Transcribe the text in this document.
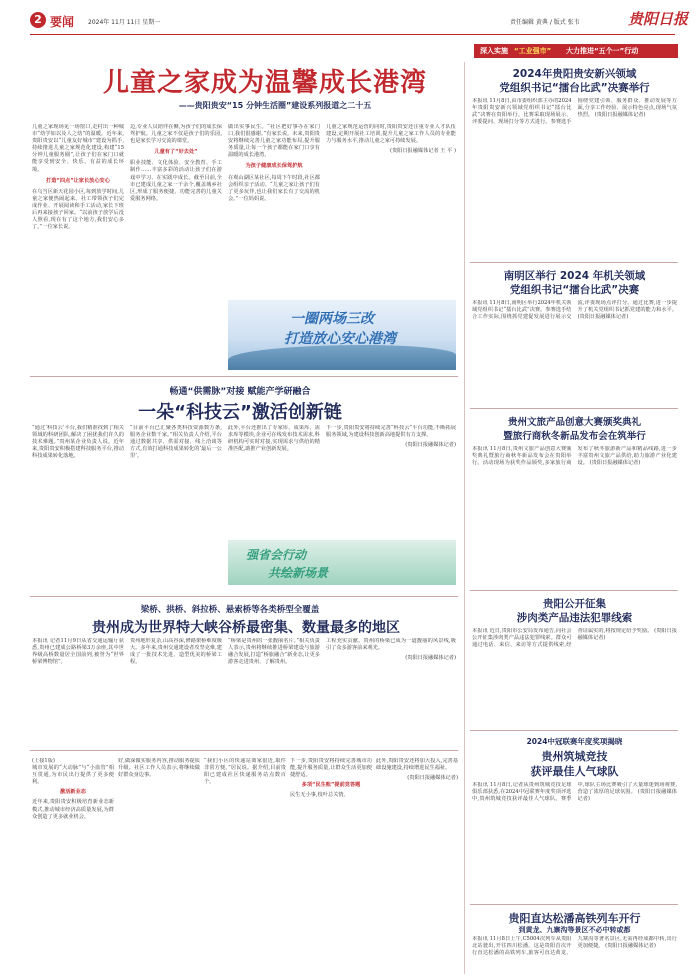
2 要闻 2024年 11月 11日 星期一	责任编辑 黄典 / 版式 张韦	贵阳日报
深入实施 “工业强市” 大力推进“五个一”行动
儿童之家成为温馨成长港湾
——贵阳贵安“15 分钟生活圈”建设系列报道之二十五
儿童之家现场见一场窗口,走村出一种城市“幼学如以及人之幼”的温暖。近年来,贵阳贵安以“儿童友好城市”建设为抓手,持续推进儿童之家规范化建设,构建“15分钟儿童服务圈”,让孩子们在家门口就能享受到安全、快乐、有益的成长环境。
打造“四点”让家长放心安心
在乌当区新天花园小区,每到放学时间,儿童之家便热闹起来。社工带领孩子们完成作业、开展阅读和手工活动,家长下班后再来接孩子回家。“以前孩子放学后没人照看,现在有了这个地方,我们安心多了。”一位家长说。
边,专业人员陪伴在侧,为孩子们的成长保驾护航。儿童之家不仅是孩子们的乐园,也是家长学习交流的课堂。
儿童有了“好去处”
职业技能、文化体验、安全教育、手工制作……丰富多彩的活动让孩子们在游戏中学习、在实践中成长。截至目前,全市已建成儿童之家一千余个,覆盖城乡社区,形成了服务便捷、功能完善的儿童关爱服务网络。
做出实事民生。“社区把好事办在家门口,我们很感谢。”有家长说。未来,贵阳贵安将继续完善儿童之家功能布局,提升服务质量,让每一个孩子都能在家门口享有温暖的成长港湾。
为孩子健康成长保驾护航
在观山湖区某社区,每周下午时段,社区都会组织亲子活动。“儿童之家让孩子们有了更多玩伴,也让我们家长有了交流的机会。”一位妈妈说。
儿童之家规范运营的同时,贵阳贵安还注重专业人才队伍建设,定期开展社工培训,提升儿童之家工作人员的专业能力与服务水平,推动儿童之家可持续发展。
(贵阳日报融媒体记者 王 平 )
一圈两场三改
打造放心安心港湾
畅通“供需脉”对接 赋能产学研融合
一朵“科技云”激活创新链
“通过‘科技云’平台,我们精准找到了相关领域的科研团队,解决了困扰我们许久的技术难题。”贵州某企业负责人说。近年来,贵阳贵安积极搭建科技服务平台,推动科技成果转化落地。
“目前平台已汇聚各类科技资源数万条,服务企业数千家。”相关负责人介绍,平台通过数据共享、供需对接、线上洽谈等方式,有效打通科技成果转化的‘最后一公里’。
此外,平台还推出了专家库、成果库、需求库等模块,企业可在线发布技术需求,科研机构可实时对接,实现需求与供给的精准匹配,助推产业创新发展。
下一步,贵阳贵安将持续完善“科技云”平台功能,不断拓展服务领域,为建设科技创新高地提供有力支撑。
(贵阳日报融媒体记者)
强省会行动
共绘新场景
梁桥、拱桥、斜拉桥、悬索桥等各类桥型全覆盖
贵州成为世界特大峡谷桥最密集、数量最多的地区
本报讯 记者11月9日从省交通运输厅获悉,贵州已建成公路桥梁3万余座,其中世界级高桥数量居全国前列,被誉为“世界桥梁博物馆”。
贵州地形复杂,山高谷深,修路架桥难度极大。多年来,贵州交通建设者攻坚克难,建成了一批技术先进、造型优美的桥梁工程。
“桥梁是贵州的一张靓丽名片。”相关负责人表示,贵州将继续推进桥梁建设与旅游融合发展,打造“桥旅融合”新业态,让更多游客走进贵州、了解贵州。
工程充实贡献。贵州的桥梁已成为一道靓丽的风景线,吸引了众多游客前来观光。
(贵阳日报融媒体记者)
(上接1版)
城市发展的“大动脉”与“小血管”相互贯通,为市民出行提供了更多便利。
激活新业态
近年来,贵阳贵安积极培育新业态新模式,推动城市经济高质量发展,为群众创造了更多就业机会。
好,做深做实服务内容,推动服务提质升级。社区工作人员表示,将继续做好群众身边事。
“我们小区的快递站离家很近,取件非常方便。”居民说。据介绍,目前贵阳已建成社区快递服务站点数百个。
下一步,贵阳贵安将持续完善城市功能,提升服务质量,让群众生活更加便捷舒适。
多项“民生账”提前竞答题
民生无小事,枝叶总关情。
此外,贵阳贵安还将加大投入,完善基础设施建设,持续增进民生福祉。
(贵阳日报融媒体记者)
2024年贵阳贵安新兴领域
党组织书记“擂台比武”决赛举行
本报讯 11月8日,由市委组织部主办的2024年贵阳贵安新兴领域党组织书记“擂台比武”决赛在贵阳举行。比赛采取现场展示、评委提问、现场打分等方式进行。参赛选手围绕党建引领、服务群众、推动发展等方面,分享工作经验、展示特色亮点,现场气氛热烈。 (贵阳日报融媒体记者)
南明区举行 2024 年机关领域
党组织书记“擂台比武”决赛
本报讯 11月8日,南明区举行2024年机关领域党组织书记“擂台比武”决赛。参赛选手结合工作实际,围绕抓党建促发展进行展示交流,评委现场点评打分。通过比赛,进一步提升了机关党组织书记抓党建的能力和水平。 (贵阳日报融媒体记者)
贵州文旅产品创意大赛颁奖典礼
暨旅行商秋冬新品发布会在筑举行
本报讯 11月8日,贵州文旅产品创意大赛颁奖典礼暨旅行商秋冬新品发布会在贵阳举行。活动现场为获奖作品颁奖,多家旅行商发布了秋冬旅游新产品和精品线路,进一步丰富贵州文旅产品供给,助力旅游产业化建设。 (贵阳日报融媒体记者)
贵阳公开征集
涉肉类产品违法犯罪线索
本报讯 近日,贵阳市公安局发布通告,向社会公开征集涉肉类产品违法犯罪线索。群众可通过电话、来信、来访等方式提供线索,经查证属实的,将按规定给予奖励。 (贵阳日报融媒体记者)
2024中冠联赛年度奖项揭晓
贵州筑城竞技
获评最佳人气球队
本报讯 11月8日,记者从贵州筑城竞技足球俱乐部获悉,在2024中冠联赛年度奖项评选中,贵州筑城竞技获评最佳人气球队。赛季中,球队主场比赛吸引了大量球迷到场观赛,营造了浓厚的足球氛围。 (贵阳日报融媒体记者)
贵阳直达松潘高铁列车开行
到黄龙、九寨沟等景区不必中转或都
本报讯 11月8日上午,C5004次列车从贵阳北站驶出,开往四川松潘。这是贵阳首次开行直达松潘的高铁列车,旅客可直达黄龙、九寨沟等著名景区,无需再经成都中转,出行更加便捷。 (贵阳日报融媒体记者)
